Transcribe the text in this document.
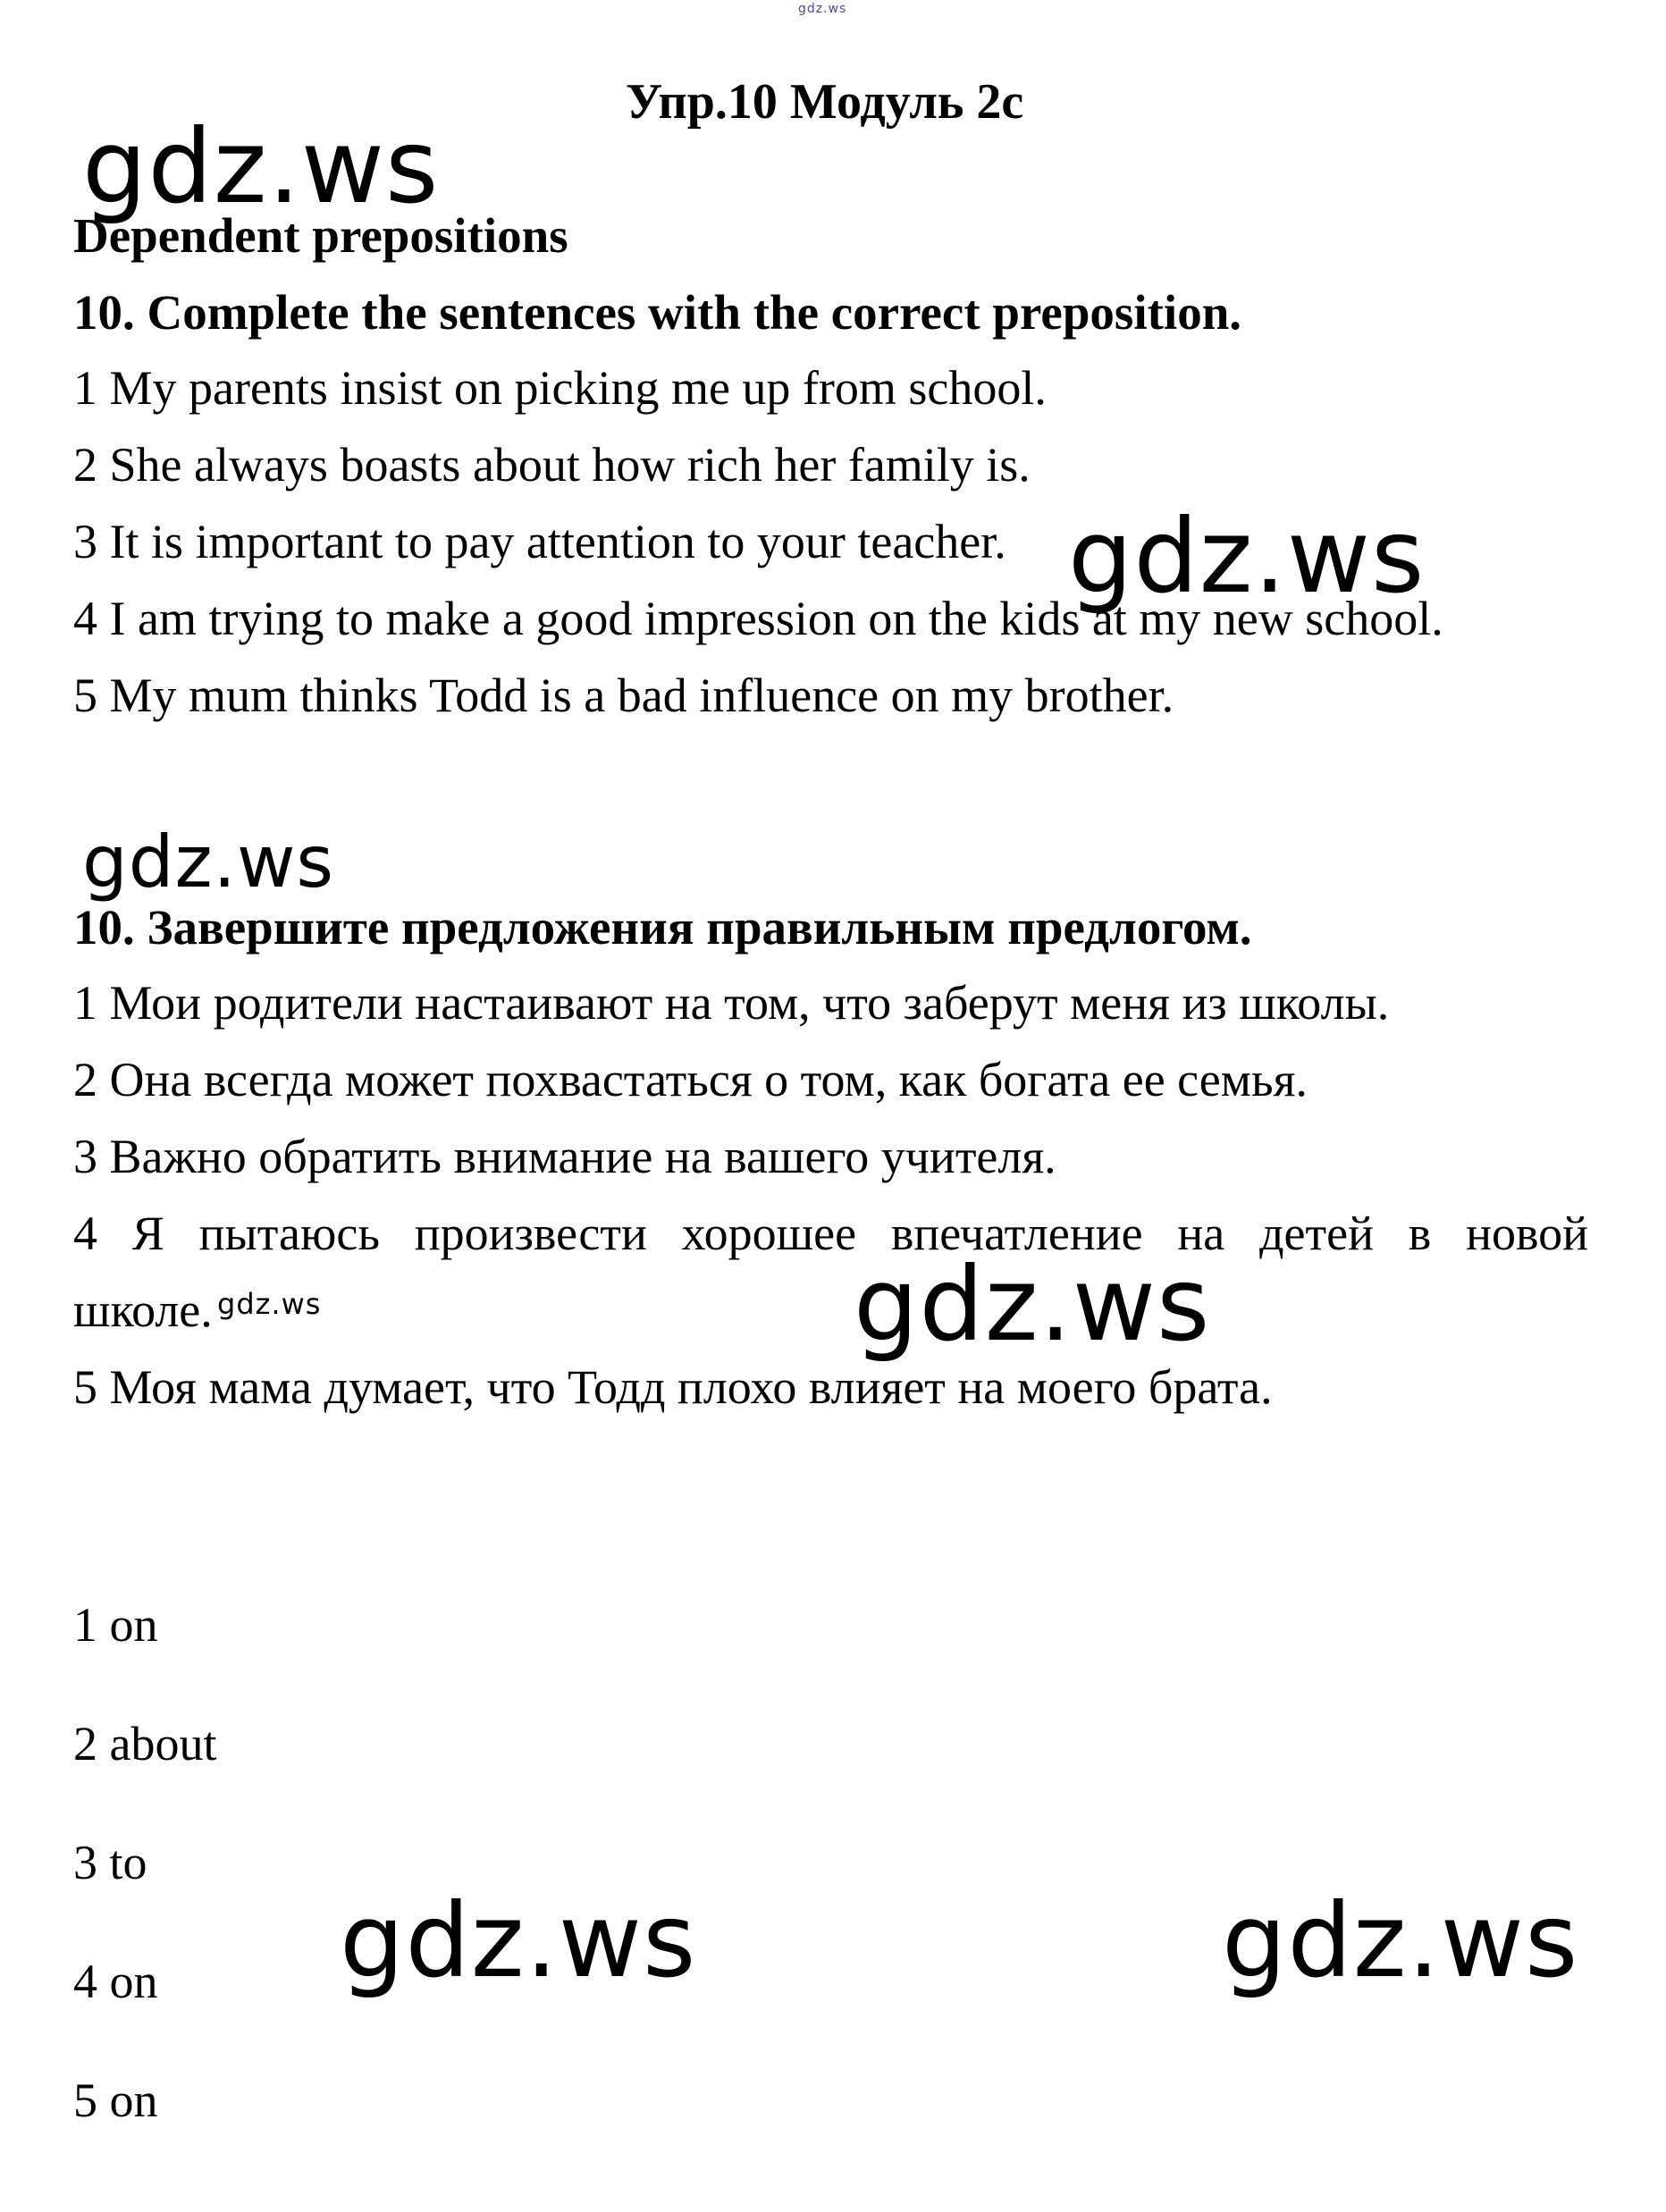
gdz.ws
Упр.10 Модуль 2c
gdz.ws
Dependent prepositions
10. Complete the sentences with the correct preposition.
1 My parents insist on picking me up from school.
2 She always boasts about how rich her family is.
3 It is important to pay attention to your teacher.
4 I am trying to make a good impression on the kids at my new school.
5 My mum thinks Todd is a bad influence on my brother.
gdz.ws
gdz.ws
10. Завершите предложения правильным предлогом.
1 Мои родители настаивают на том, что заберут меня из школы.
2 Она всегда может похвастаться о том, как богата ее семья.
3 Важно обратить внимание на вашего учителя.
4 Я пытаюсь произвести хорошее впечатление на детей в новой
школе.
5 Моя мама думает, что Тодд плохо влияет на моего брата.
gdz.ws	gdz.ws
1 on
2 about
3 to
4 on
5 on
gdz.ws	gdz.ws
